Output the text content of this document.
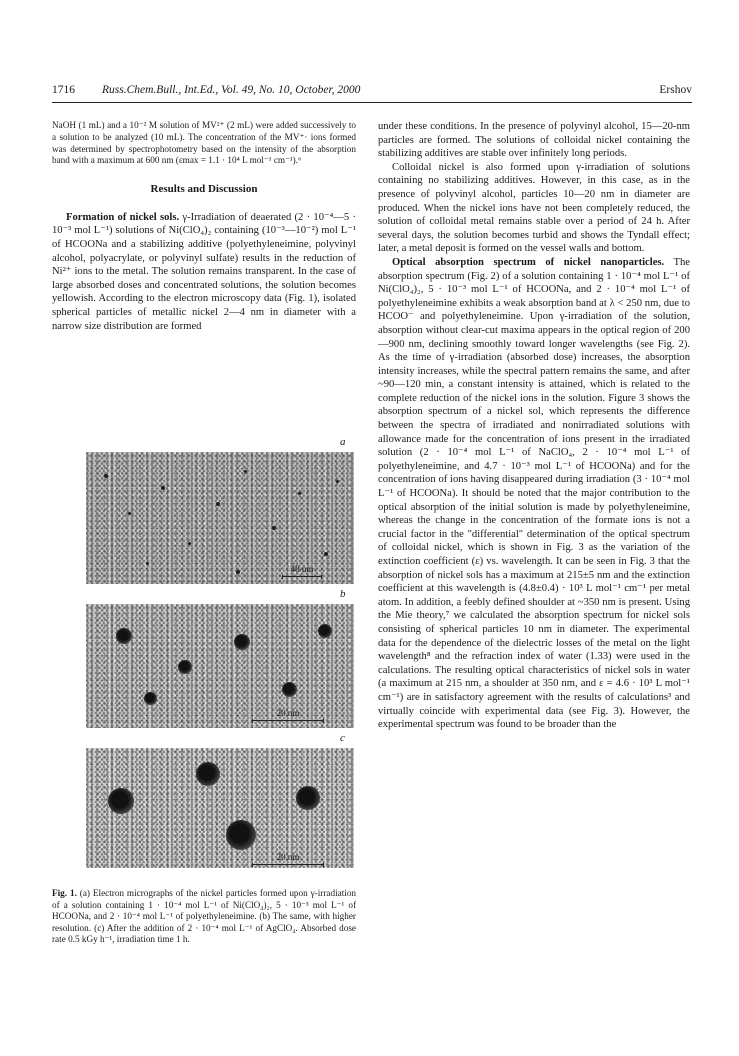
1716 Russ.Chem.Bull., Int.Ed., Vol. 49, No. 10, October, 2000	Ershov

NaOH (1 mL) and a 10⁻² M solution of MV²⁺ (2 mL) were added successively to a solution to be analyzed (10 mL). The concentration of the MV⁺· ions formed was determined by spectrophotometry based on the intensity of the absorption band with a maximum at 600 nm (εmax = 1.1 · 10⁴ L mol⁻¹ cm⁻¹).⁶

Results and Discussion

Formation of nickel sols. γ-Irradiation of deaerated (2 · 10⁻⁴—5 · 10⁻³ mol L⁻¹) solutions of Ni(ClO₄)₂ containing (10⁻³—10⁻²) mol L⁻¹ of HCOONa and a stabilizing additive (polyethyleneimine, polyvinyl alcohol, polyacrylate, or polyvinyl sulfate) results in the reduction of Ni²⁺ ions to the metal. The solution remains transparent. In the case of large absorbed doses and concentrated solutions, the solution becomes yellowish. According to the electron microscopy data (Fig. 1), isolated spherical particles of metallic nickel 2—4 nm in diameter with a narrow size distribution are formed

a
40 nm
b
20 nm
c
20 nm
Fig. 1. (a) Electron micrographs of the nickel particles formed upon γ-irradiation of a solution containing 1 · 10⁻⁴ mol L⁻¹ of Ni(ClO₄)₂, 5 · 10⁻³ mol L⁻¹ of HCOONa, and 2 · 10⁻⁴ mol L⁻¹ of polyethyleneimine. (b) The same, with higher resolution. (c) After the addition of 2 · 10⁻⁴ mol L⁻¹ of AgClO₄. Absorbed dose rate 0.5 kGy h⁻¹, irradiation time 1 h.

under these conditions. In the presence of polyvinyl alcohol, 15—20-nm particles are formed. The solutions of colloidal nickel containing the stabilizing additives are stable over infinitely long periods.

Colloidal nickel is also formed upon γ-irradiation of solutions containing no stabilizing additives. However, in this case, as in the presence of polyvinyl alcohol, particles 10—20 nm in diameter are produced. When the nickel ions have not been completely reduced, the solution of colloidal metal remains stable over a period of 24 h. After several days, the solution becomes turbid and shows the Tyndall effect; later, a metal deposit is formed on the vessel walls and bottom.

Optical absorption spectrum of nickel nanoparticles. The absorption spectrum (Fig. 2) of a solution containing 1 · 10⁻⁴ mol L⁻¹ of Ni(ClO₄)₂, 5 · 10⁻³ mol L⁻¹ of HCOONa, and 2 · 10⁻⁴ mol L⁻¹ of polyethyleneimine exhibits a weak absorption band at λ < 250 nm, due to HCOO⁻ and polyethyleneimine. Upon γ-irradiation of the solution, absorption without clear-cut maxima appears in the optical region of 200—900 nm, declining smoothly toward longer wavelengths (see Fig. 2). As the time of γ-irradiation (absorbed dose) increases, the absorption intensity increases, while the spectral pattern remains the same, and after ~90—120 min, a constant intensity is attained, which is related to the complete reduction of the nickel ions in the solution. Figure 3 shows the absorption spectrum of a nickel sol, which represents the difference between the spectra of irradiated and nonirradiated solutions with allowance made for the concentration of ions present in the irradiated solution (2 · 10⁻⁴ mol L⁻¹ of NaClO₄, 2 · 10⁻⁴ mol L⁻¹ of polyethyleneimine, and 4.7 · 10⁻³ mol L⁻¹ of HCOONa) and for the concentration of ions having disappeared during irradiation (3 · 10⁻⁴ mol L⁻¹ of HCOONa). It should be noted that the major contribution to the optical absorption of the initial solution is made by polyethyleneimine, whereas the change in the concentration of the formate ions is not a crucial factor in the "differential" determination of the optical spectrum of colloidal nickel, which is shown in Fig. 3 as the variation of the extinction coefficient (ε) vs. wavelength. It can be seen in Fig. 3 that the absorption of nickel sols has a maximum at 215±5 nm and the extinction coefficient at this wavelength is (4.8±0.4) · 10³ L mol⁻¹ cm⁻¹ per metal atom. In addition, a feebly defined shoulder at ~350 nm is present. Using the Mie theory,⁷ we calculated the absorption spectrum for nickel sols consisting of spherical particles 10 nm in diameter. The experimental data for the dependence of the dielectric losses of the metal on the light wavelength⁸ and the refraction index of water (1.33) were used in the calculations. The resulting optical characteristics of nickel sols in water (a maximum at 215 nm, a shoulder at 350 nm, and ε = 4.6 · 10³ L mol⁻¹ cm⁻¹) are in satisfactory agreement with the results of calculations³ and virtually coincide with experimental data (see Fig. 3). However, the experimental spectrum was found to be broader than the
